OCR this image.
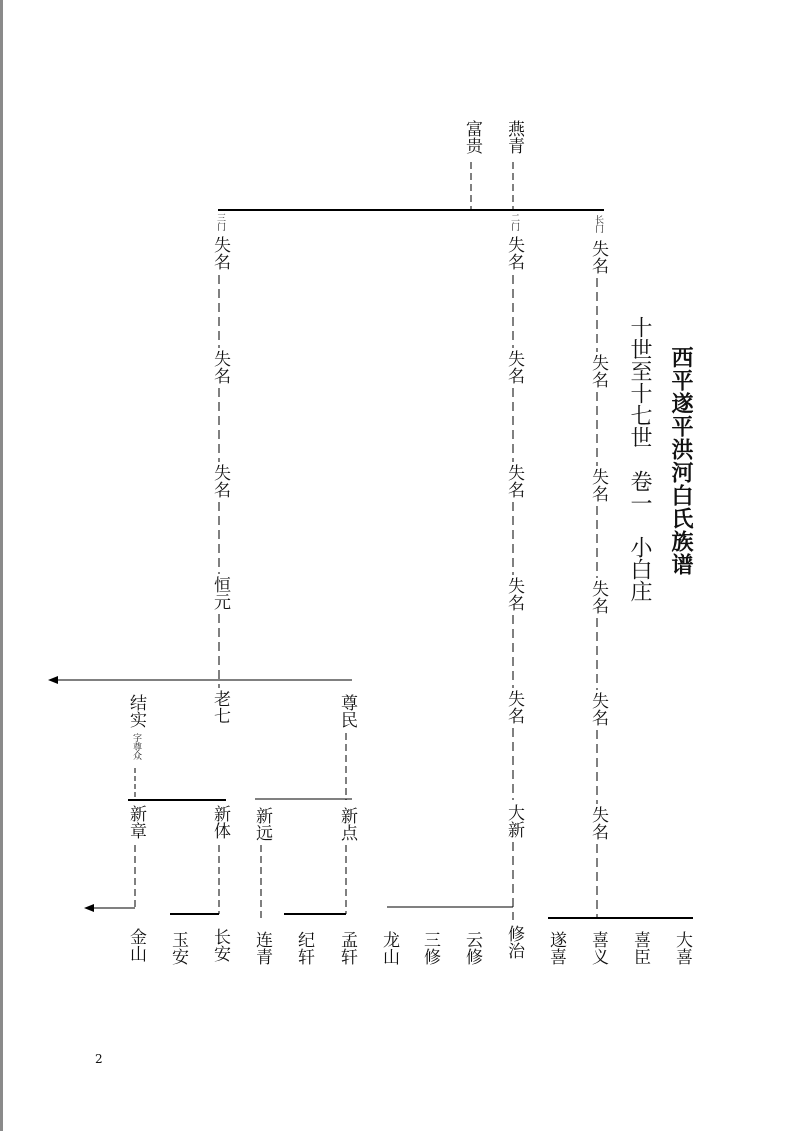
西平遂平洪河白氏族谱
十世至十七世　卷一　小白庄
富贵 燕青
三门
失名
失名
失名
恒元
老七
二门
失名
失名
失名
失名
失名
大新
长门
失名
失名
失名
失名
失名
失名
尊民
结实
字尊众
新章	新体 新远	新点
金山 玉安 长安 连青 纪轩 孟轩 龙山 三修 云修 修治 遂喜 喜义 喜臣 大喜
2
